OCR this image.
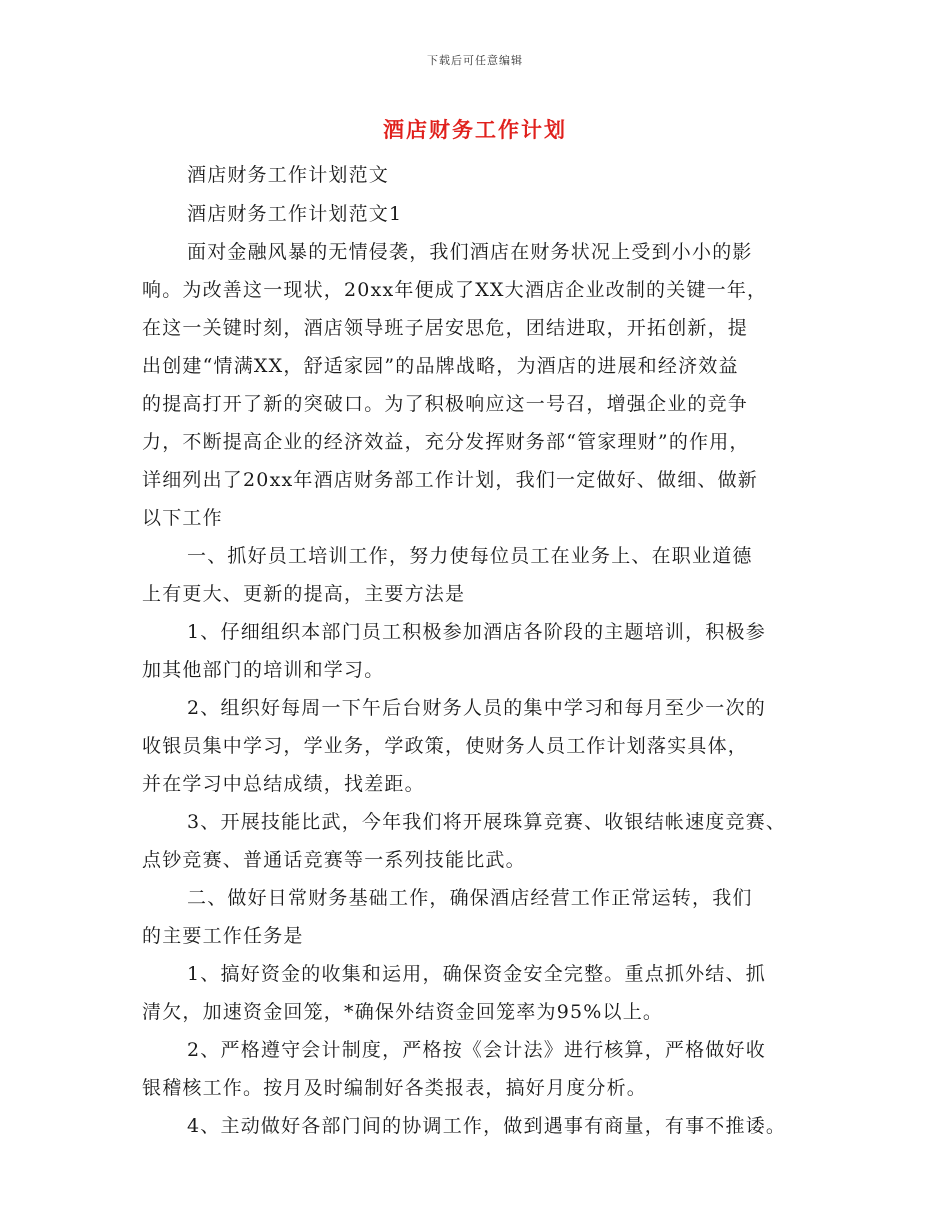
下载后可任意编辑
酒店财务工作计划
酒店财务工作计划范文
酒店财务工作计划范文1
面对金融风暴的无情侵袭，我们酒店在财务状况上受到小小的影
响。为改善这一现状，20xx年便成了XX大酒店企业改制的关键一年，
在这一关键时刻，酒店领导班子居安思危，团结进取，开拓创新，提
出创建“情满XX，舒适家园”的品牌战略，为酒店的进展和经济效益
的提高打开了新的突破口。为了积极响应这一号召，增强企业的竞争
力，不断提高企业的经济效益，充分发挥财务部“管家理财”的作用，
详细列出了20xx年酒店财务部工作计划，我们一定做好、做细、做新
以下工作
一、抓好员工培训工作，努力使每位员工在业务上、在职业道德
上有更大、更新的提高，主要方法是
1、仔细组织本部门员工积极参加酒店各阶段的主题培训，积极参
加其他部门的培训和学习。
2、组织好每周一下午后台财务人员的集中学习和每月至少一次的
收银员集中学习，学业务，学政策，使财务人员工作计划落实具体，
并在学习中总结成绩，找差距。
3、开展技能比武，今年我们将开展珠算竞赛、收银结帐速度竞赛、
点钞竞赛、普通话竞赛等一系列技能比武。
二、做好日常财务基础工作，确保酒店经营工作正常运转，我们
的主要工作任务是
1、搞好资金的收集和运用，确保资金安全完整。重点抓外结、抓
清欠，加速资金回笼，*确保外结资金回笼率为95%以上。
2、严格遵守会计制度，严格按《会计法》进行核算，严格做好收
银稽核工作。按月及时编制好各类报表，搞好月度分析。
4、主动做好各部门间的协调工作，做到遇事有商量，有事不推诿。
